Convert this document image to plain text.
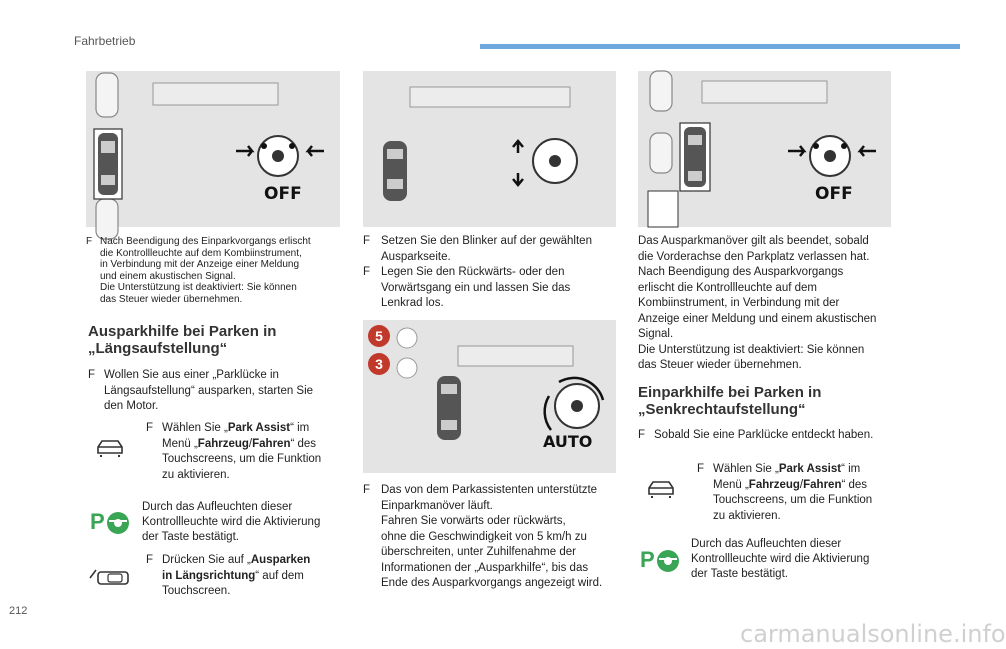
Fahrbetrieb
OFF
5
3
AUTO
OFF
F Nach Beendigung des Einparkvorgangs erlischt
die Kontrollleuchte auf dem Kombiinstrument,
in Verbindung mit der Anzeige einer Meldung
und einem akustischen Signal.
Die Unterstützung ist deaktiviert: Sie können
das Steuer wieder übernehmen.
Ausparkhilfe bei Parken in
„Längsaufstellung“
F Wollen Sie aus einer „Parklücke in
Längsaufstellung“ ausparken, starten Sie
den Motor.
F Wählen Sie „Park Assist“ im
Menü „Fahrzeug/Fahren“ des
Touchscreens, um die Funktion
zu aktivieren.
P
Durch das Aufleuchten dieser
Kontrollleuchte wird die Aktivierung
der Taste bestätigt.
F Drücken Sie auf „Ausparken
in Längsrichtung“ auf dem
Touchscreen.
F Setzen Sie den Blinker auf der gewählten
Ausparkseite.
F Legen Sie den Rückwärts- oder den
Vorwärtsgang ein und lassen Sie das
Lenkrad los.
F Das von dem Parkassistenten unterstützte
Einparkmanöver läuft.
Fahren Sie vorwärts oder rückwärts,
ohne die Geschwindigkeit von 5 km/h zu
überschreiten, unter Zuhilfenahme der
Informationen der „Ausparkhilfe“, bis das
Ende des Ausparkvorgangs angezeigt wird.
Das Ausparkmanöver gilt als beendet, sobald
die Vorderachse den Parkplatz verlassen hat.
Nach Beendigung des Ausparkvorgangs
erlischt die Kontrollleuchte auf dem
Kombiinstrument, in Verbindung mit der
Anzeige einer Meldung und einem akustischen
Signal.
Die Unterstützung ist deaktiviert: Sie können
das Steuer wieder übernehmen.
Einparkhilfe bei Parken in
„Senkrechtaufstellung“
F Sobald Sie eine Parklücke entdeckt haben.
F Wählen Sie „Park Assist“ im
Menü „Fahrzeug/Fahren“ des
Touchscreens, um die Funktion
zu aktivieren.
P
Durch das Aufleuchten dieser
Kontrollleuchte wird die Aktivierung
der Taste bestätigt.
212
carmanualsonline.info
